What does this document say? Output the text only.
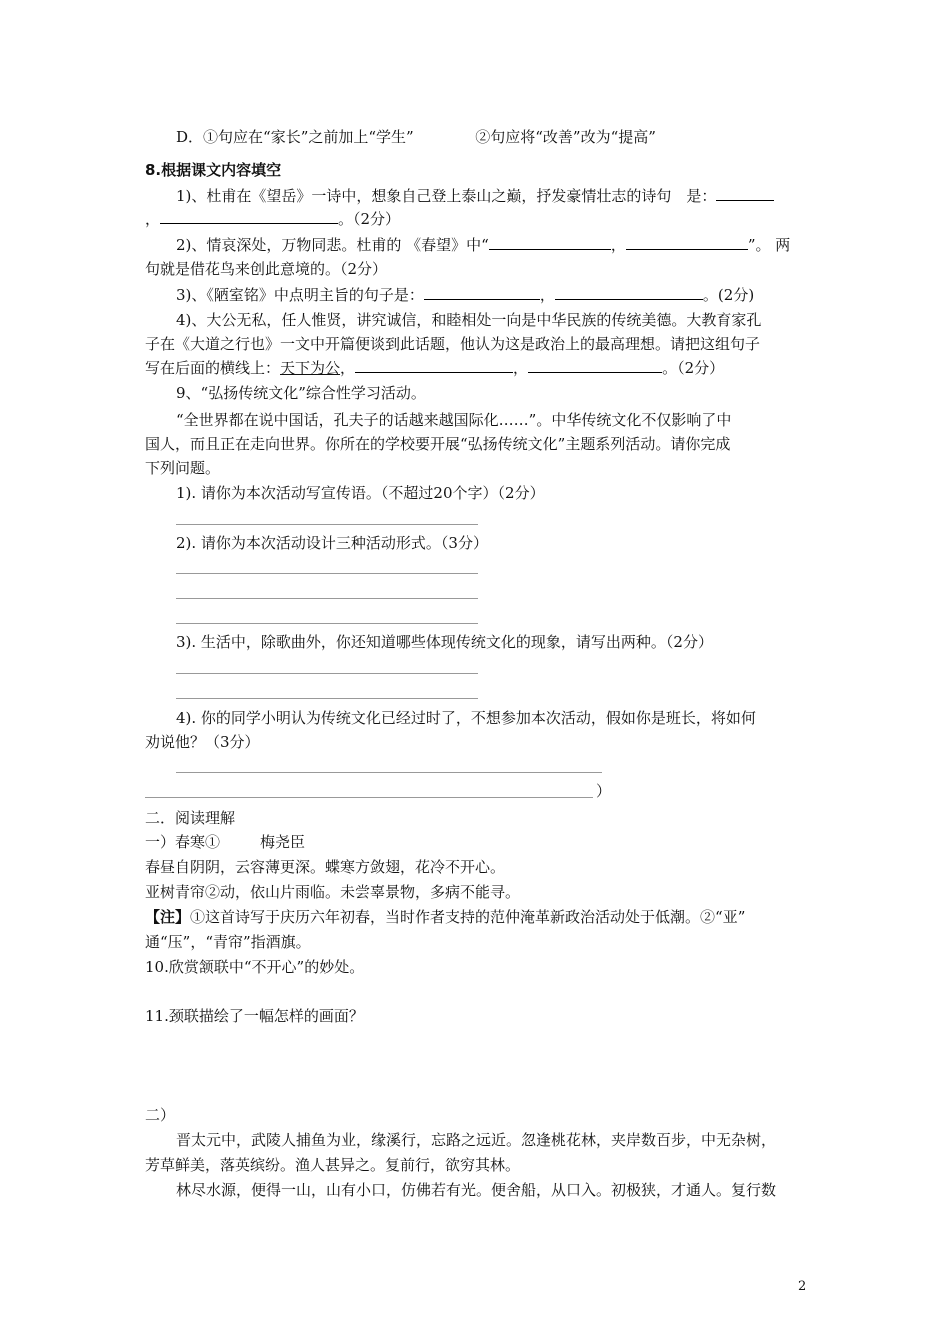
D．①句应在“家长”之前加上“学生”	②句应将“改善”改为“提高”
8.根据课文内容填空
1)、杜甫在《望岳》一诗中，想象自己登上泰山之巅，抒发豪情壮志的诗句　是：
，	。（2分）
2)、情哀深处，万物同悲。杜甫的 《春望》中“	，	”。 两
句就是借花鸟来创此意境的。（2分）
3)、《陋室铭》中点明主旨的句子是：	，	。(2分)
4)、大公无私，任人惟贤，讲究诚信，和睦相处一向是中华民族的传统美德。大教育家孔
子在《大道之行也》一文中开篇便谈到此话题，他认为这是政治上的最高理想。请把这组句子
写在后面的横线上：天下为公，	，	。（2分）
9、“弘扬传统文化”综合性学习活动。
“全世界都在说中国话，孔夫子的话越来越国际化……”。中华传统文化不仅影响了中
国人，而且正在走向世界。你所在的学校要开展“弘扬传统文化”主题系列活动。请你完成
下列问题。
1). 请你为本次活动写宣传语。（不超过20个字）（2分）
2). 请你为本次活动设计三种活动形式。（3分）
3). 生活中，除歌曲外，你还知道哪些体现传统文化的现象，请写出两种。（2分）
4). 你的同学小明认为传统文化已经过时了，不想参加本次活动，假如你是班长，将如何
劝说他？（3分）
）
二．阅读理解
一）春寒①	梅尧臣
春昼自阴阴，云容薄更深。蝶寒方敛翅，花冷不开心。
亚树青帘②动，依山片雨临。未尝辜景物，多病不能寻。
【注】①这首诗写于庆历六年初春，当时作者支持的范仲淹革新政治活动处于低潮。②“亚”
通“压”，“青帘”指酒旗。
10.欣赏颔联中“不开心”的妙处。
11.颈联描绘了一幅怎样的画面？
二）
晋太元中，武陵人捕鱼为业，缘溪行，忘路之远近。忽逢桃花林，夹岸数百步，中无杂树，
芳草鲜美，落英缤纷。渔人甚异之。复前行，欲穷其林。
林尽水源，便得一山，山有小口，仿佛若有光。便舍船，从口入。初极狭，才通人。复行数
2
